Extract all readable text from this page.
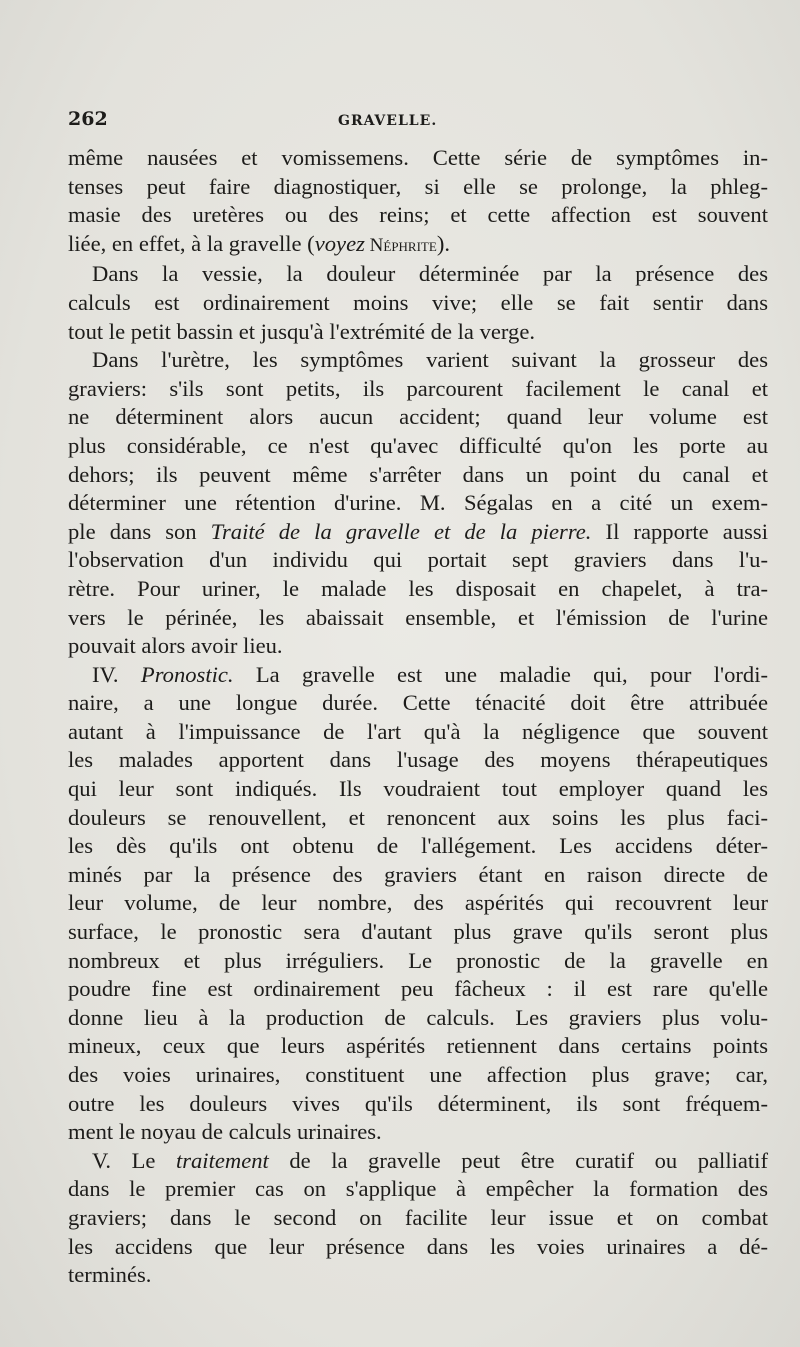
262	GRAVELLE.

même nausées et vomissemens. Cette série de symptômes in-
tenses peut faire diagnostiquer, si elle se prolonge, la phleg-
masie des uretères ou des reins; et cette affection est souvent
liée, en effet, à la gravelle (voyez Néphrite).

Dans la vessie, la douleur déterminée par la présence des
calculs est ordinairement moins vive; elle se fait sentir dans
tout le petit bassin et jusqu'à l'extrémité de la verge.

Dans l'urètre, les symptômes varient suivant la grosseur des
graviers: s'ils sont petits, ils parcourent facilement le canal et
ne déterminent alors aucun accident; quand leur volume est
plus considérable, ce n'est qu'avec difficulté qu'on les porte au
dehors; ils peuvent même s'arrêter dans un point du canal et
déterminer une rétention d'urine. M. Ségalas en a cité un exem-
ple dans son Traité de la gravelle et de la pierre. Il rapporte aussi
l'observation d'un individu qui portait sept graviers dans l'u-
rètre. Pour uriner, le malade les disposait en chapelet, à tra-
vers le périnée, les abaissait ensemble, et l'émission de l'urine
pouvait alors avoir lieu.

IV. Pronostic. La gravelle est une maladie qui, pour l'ordi-
naire, a une longue durée. Cette ténacité doit être attribuée
autant à l'impuissance de l'art qu'à la négligence que souvent
les malades apportent dans l'usage des moyens thérapeutiques
qui leur sont indiqués. Ils voudraient tout employer quand les
douleurs se renouvellent, et renoncent aux soins les plus faci-
les dès qu'ils ont obtenu de l'allégement. Les accidens déter-
minés par la présence des graviers étant en raison directe de
leur volume, de leur nombre, des aspérités qui recouvrent leur
surface, le pronostic sera d'autant plus grave qu'ils seront plus
nombreux et plus irréguliers. Le pronostic de la gravelle en
poudre fine est ordinairement peu fâcheux : il est rare qu'elle
donne lieu à la production de calculs. Les graviers plus volu-
mineux, ceux que leurs aspérités retiennent dans certains points
des voies urinaires, constituent une affection plus grave; car,
outre les douleurs vives qu'ils déterminent, ils sont fréquem-
ment le noyau de calculs urinaires.

V. Le traitement de la gravelle peut être curatif ou palliatif
dans le premier cas on s'applique à empêcher la formation des
graviers; dans le second on facilite leur issue et on combat
les accidens que leur présence dans les voies urinaires a dé-
terminés.
